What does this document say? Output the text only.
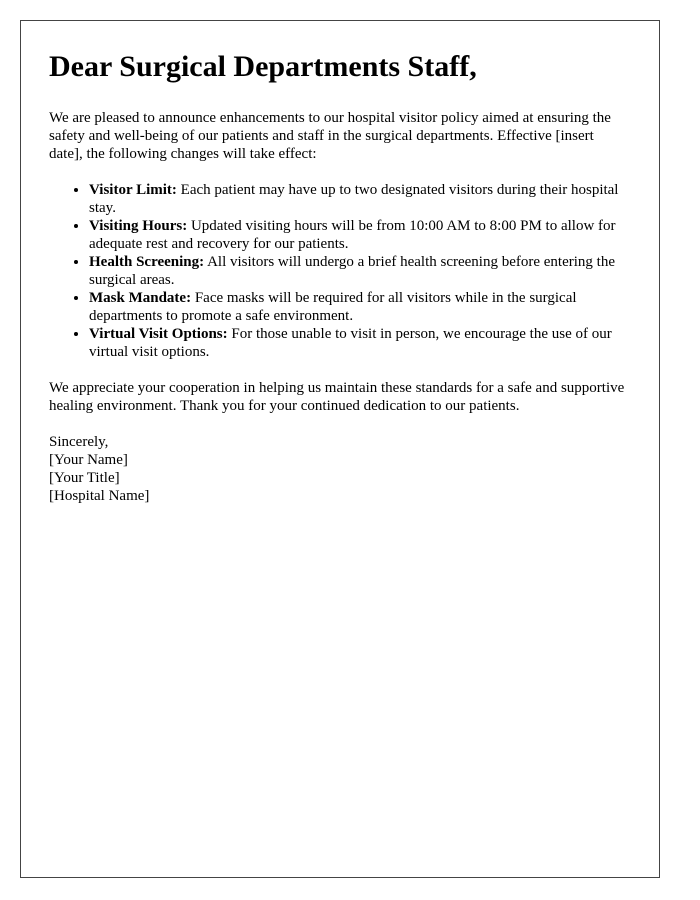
Dear Surgical Departments Staff,

We are pleased to announce enhancements to our hospital visitor policy aimed at ensuring the safety and well-being of our patients and staff in the surgical departments. Effective [insert date], the following changes will take effect:

• Visitor Limit: Each patient may have up to two designated visitors during their hospital stay.
• Visiting Hours: Updated visiting hours will be from 10:00 AM to 8:00 PM to allow for adequate rest and recovery for our patients.
• Health Screening: All visitors will undergo a brief health screening before entering the surgical areas.
• Mask Mandate: Face masks will be required for all visitors while in the surgical departments to promote a safe environment.
• Virtual Visit Options: For those unable to visit in person, we encourage the use of our virtual visit options.

We appreciate your cooperation in helping us maintain these standards for a safe and supportive healing environment. Thank you for your continued dedication to our patients.

Sincerely,
[Your Name]
[Your Title]
[Hospital Name]
